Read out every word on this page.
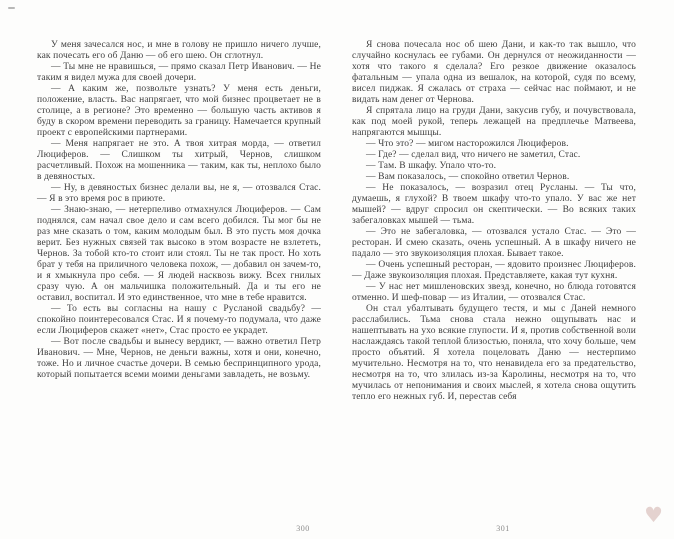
У меня зачесался нос, и мне в голову не пришло ничего лучше, как почесать его об Даню — об его шею. Он сглотнул.

— Ты мне не нравишься, — прямо сказал Петр Иванович. — Не таким я видел мужа для своей дочери.

— А каким же, позвольте узнать? У меня есть деньги, положение, власть. Вас напрягает, что мой бизнес процветает не в столице, а в регионе? Это временно — большую часть активов я буду в скором времени переводить за границу. Намечается крупный проект с европейскими партнерами.

— Меня напрягает не это. А твоя хитрая морда, — ответил Люциферов. — Слишком ты хитрый, Чернов, слишком расчетливый. Похож на мошенника — таким, как ты, неплохо было в девяностых.

— Ну, в девяностых бизнес делали вы, не я, — отозвался Стас. — Я в это время рос в приюте.

— Знаю-знаю, — нетерпеливо отмахнулся Люциферов. — Сам поднялся, сам начал свое дело и сам всего добился. Ты мог бы не раз мне сказать о том, каким молодым был. В это пусть моя дочка верит. Без нужных связей так высоко в этом возрасте не взлететь, Чернов. За тобой кто-то стоит или стоял. Ты не так прост. Но хоть брат у тебя на приличного человека похож, — добавил он зачем-то, и я хмыкнула про себя. — Я людей насквозь вижу. Всех гнилых сразу чую. А он мальчишка положительный. Да и ты его не оставил, воспитал. И это единственное, что мне в тебе нравится.

— То есть вы согласны на нашу с Русланой свадьбу? — спокойно поинтересовался Стас. И я почему-то подумала, что даже если Люциферов скажет «нет», Стас просто ее украдет.

— Вот после свадьбы и вынесу вердикт, — важно ответил Петр Иванович. — Мне, Чернов, не деньги важны, хотя и они, конечно, тоже. Но и личное счастье дочери. В семью беспринципного урода, который попытается всеми моими деньгами завладеть, не возьму.

Я снова почесала нос об шею Дани, и как-то так вышло, что случайно коснулась ее губами. Он дернулся от неожиданности — хотя что такого я сделала? Его резкое движение оказалось фатальным — упала одна из вешалок, на которой, судя по всему, висел пиджак. Я сжалась от страха — сейчас нас поймают, и не видать нам денег от Чернова.

Я спрятала лицо на груди Дани, закусив губу, и почувствовала, как под моей рукой, теперь лежащей на предплечье Матвеева, напрягаются мышцы.

— Что это? — мигом насторожился Люциферов.

— Где? — сделал вид, что ничего не заметил, Стас.

— Там. В шкафу. Упало что-то.

— Вам показалось, — спокойно ответил Чернов.

— Не показалось, — возразил отец Русланы. — Ты что, думаешь, я глухой? В твоем шкафу что-то упало. У вас же нет мышей? — вдруг спросил он скептически. — Во всяких таких забегаловках мышей — тьма.

— Это не забегаловка, — отозвался устало Стас. — Это — ресторан. И смею сказать, очень успешный. А в шкафу ничего не падало — это звукоизоляция плохая. Бывает такое.

— Очень успешный ресторан, — ядовито произнес Люциферов. — Даже звукоизоляция плохая. Представляете, какая тут кухня.

— У нас нет мишленовских звезд, конечно, но блюда готовятся отменно. И шеф-повар — из Италии, — отозвался Стас.

Он стал убалтывать будущего тестя, и мы с Даней немного расслабились. Тьма снова стала нежно ощупывать нас и нашептывать на ухо всякие глупости. И я, против собственной воли наслаждаясь такой теплой близостью, поняла, что хочу больше, чем просто объятий. Я хотела поцеловать Даню — нестерпимо мучительно. Несмотря на то, что ненавидела его за предательство, несмотря на то, что злилась из-за Каролины, несмотря на то, что мучилась от непонимания и своих мыслей, я хотела снова ощутить тепло его нежных губ. И, перестав себя

300	301
♥
